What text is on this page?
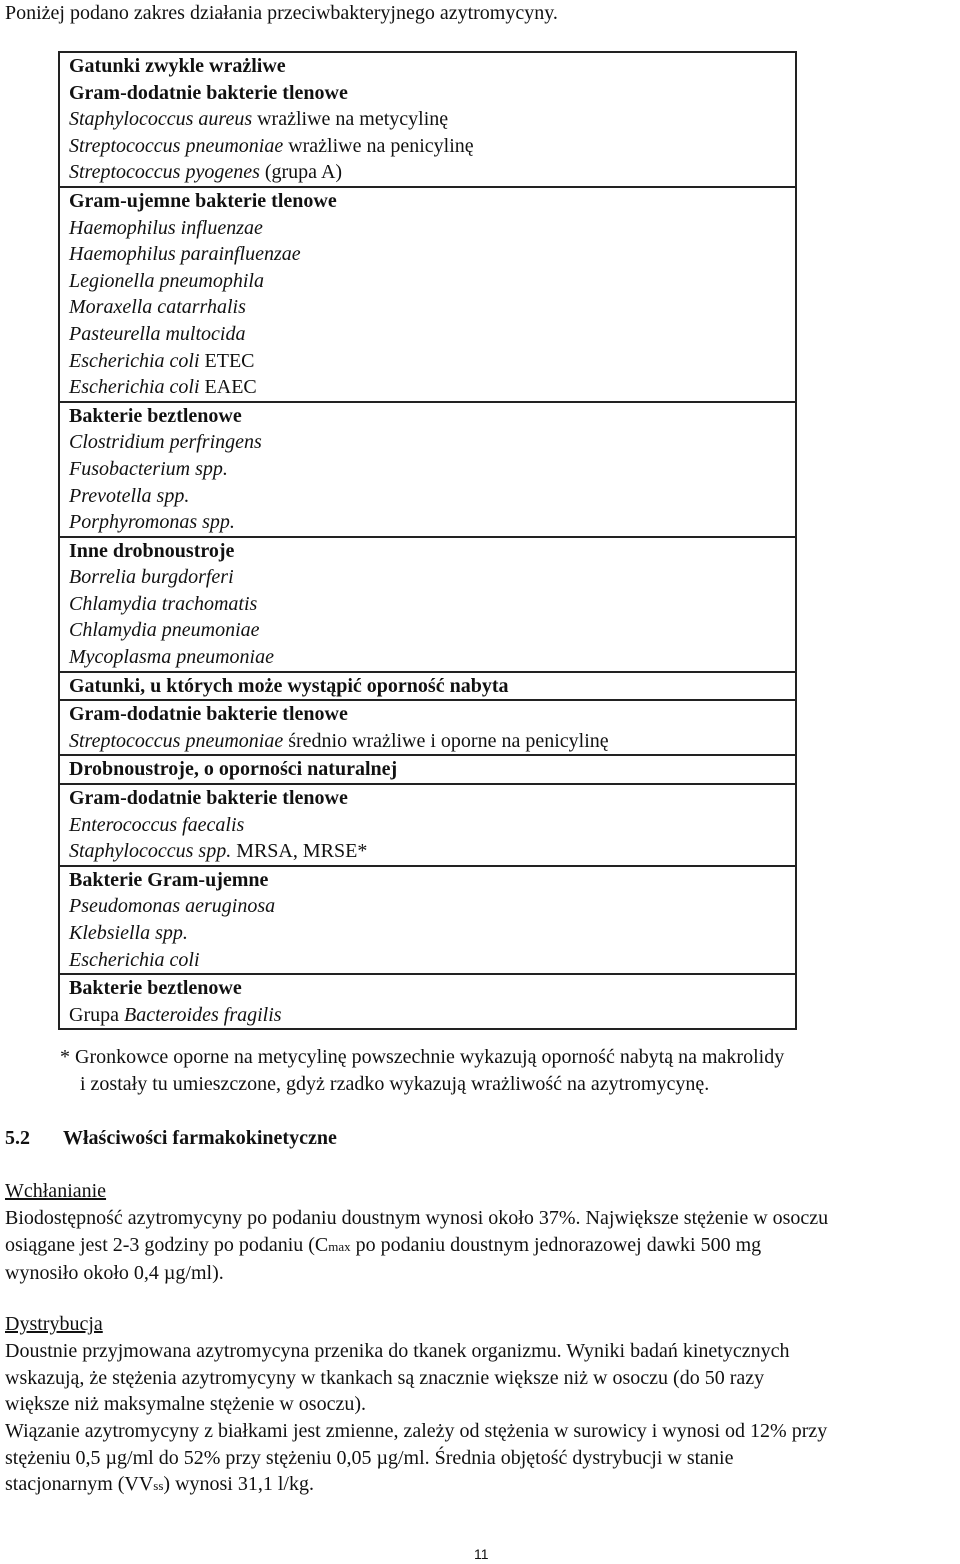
Poniżej podano zakres działania przeciwbakteryjnego azytromycyny.
Gatunki zwykle wrażliwe
Gram-dodatnie bakterie tlenowe
Staphylococcus aureus wrażliwe na metycylinę
Streptococcus pneumoniae wrażliwe na penicylinę
Streptococcus pyogenes (grupa A)

Gram-ujemne bakterie tlenowe
Haemophilus influenzae
Haemophilus parainfluenzae
Legionella pneumophila
Moraxella catarrhalis
Pasteurella multocida
Escherichia coli ETEC
Escherichia coli EAEC

Bakterie beztlenowe
Clostridium perfringens
Fusobacterium spp.
Prevotella spp.
Porphyromonas spp.

Inne drobnoustroje
Borrelia burgdorferi
Chlamydia trachomatis
Chlamydia pneumoniae
Mycoplasma pneumoniae

Gatunki, u których może wystąpić oporność nabyta

Gram-dodatnie bakterie tlenowe
Streptococcus pneumoniae średnio wrażliwe i oporne na penicylinę

Drobnoustroje, o oporności naturalnej

Gram-dodatnie bakterie tlenowe
Enterococcus faecalis
Staphylococcus spp. MRSA, MRSE*

Bakterie Gram-ujemne
Pseudomonas aeruginosa
Klebsiella spp.
Escherichia coli

Bakterie beztlenowe
Grupa Bacteroides fragilis
* Gronkowce oporne na metycylinę powszechnie wykazują oporność nabytą na makrolidy
i zostały tu umieszczone, gdyż rzadko wykazują wrażliwość na azytromycynę.
5.2 Właściwości farmakokinetyczne
Wchłanianie
Biodostępność azytromycyny po podaniu doustnym wynosi około 37%. Największe stężenie w osoczu
osiągane jest 2-3 godziny po podaniu (Cmax po podaniu doustnym jednorazowej dawki 500 mg
wynosiło około 0,4 µg/ml).
Dystrybucja
Doustnie przyjmowana azytromycyna przenika do tkanek organizmu. Wyniki badań kinetycznych
wskazują, że stężenia azytromycyny w tkankach są znacznie większe niż w osoczu (do 50 razy
większe niż maksymalne stężenie w osoczu).
Wiązanie azytromycyny z białkami jest zmienne, zależy od stężenia w surowicy i wynosi od 12% przy
stężeniu 0,5 µg/ml do 52% przy stężeniu 0,05 µg/ml. Średnia objętość dystrybucji w stanie
stacjonarnym (VVss) wynosi 31,1 l/kg.
11
